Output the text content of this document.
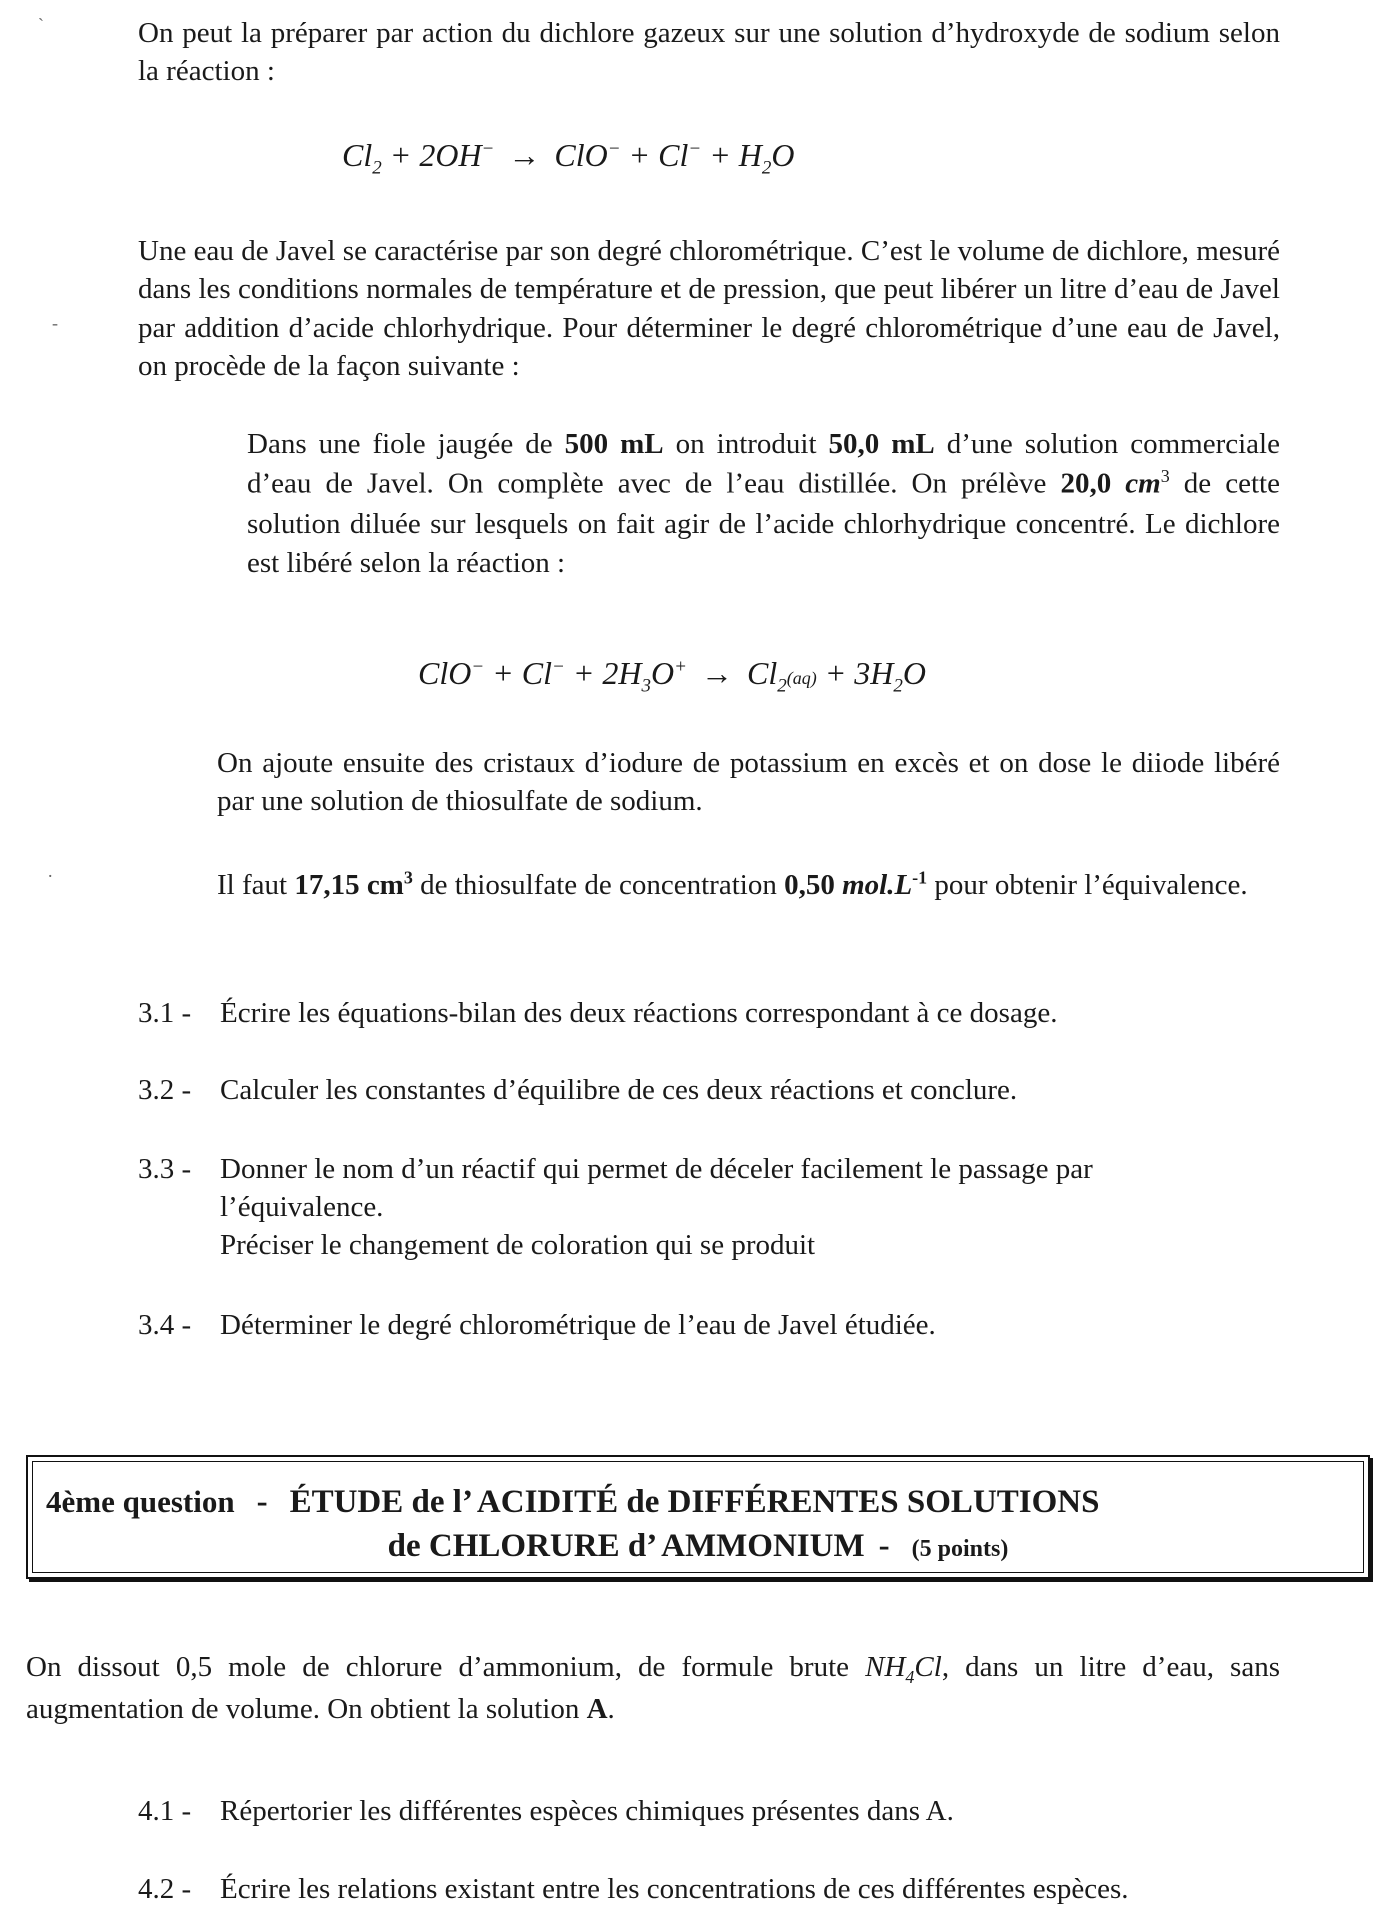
`
-
.
On peut la préparer par action du dichlore gazeux sur une solution d’hydroxyde de sodium selon la réaction :
$Cl_2 + 2OH^- \to ClO^- + Cl^- + H_2O$
Une eau de Javel se caractérise par son degré chlorométrique. C’est le volume de dichlore, mesuré dans les conditions normales de température et de pression, que peut libérer un litre d’eau de Javel par addition d’acide chlorhydrique. Pour déterminer le degré chlorométrique d’une eau de Javel, on procède de la façon suivante :
Dans une fiole jaugée de 500 mL on introduit 50,0 mL d’une solution commerciale d’eau de Javel. On complète avec de l’eau distillée. On prélève 20,0 $cm^3$ de cette solution diluée sur lesquels on fait agir de l’acide chlorhydrique concentré. Le dichlore est libéré selon la réaction :
$ClO^- + Cl^- + 2H_3O^+ \to Cl_2(aq) + 3H_2O$
On ajoute ensuite des cristaux d’iodure de potassium en excès et on dose le diiode libéré par une solution de thiosulfate de sodium.
Il faut 17,15 $cm^3$ de thiosulfate de concentration 0,50 $mol.L^{-1}$ pour obtenir l’équivalence.
3.1 - Écrire les équations-bilan des deux réactions correspondant à ce dosage.
3.2 - Calculer les constantes d’équilibre de ces deux réactions et conclure.
3.3 - Donner le nom d’un réactif qui permet de déceler facilement le passage par
l’équivalence.
Préciser le changement de coloration qui se produit
3.4 - Déterminer le degré chlorométrique de l’eau de Javel étudiée.
4ème question - ÉTUDE de l’ ACIDITÉ de DIFFÉRENTES SOLUTIONS
de CHLORURE d’ AMMONIUM - (5 points)
On dissout 0,5 mole de chlorure d’ammonium, de formule brute $NH_4Cl$, dans un litre d’eau, sans augmentation de volume. On obtient la solution A.
4.1 - Répertorier les différentes espèces chimiques présentes dans A.
4.2 - Écrire les relations existant entre les concentrations de ces différentes espèces.
